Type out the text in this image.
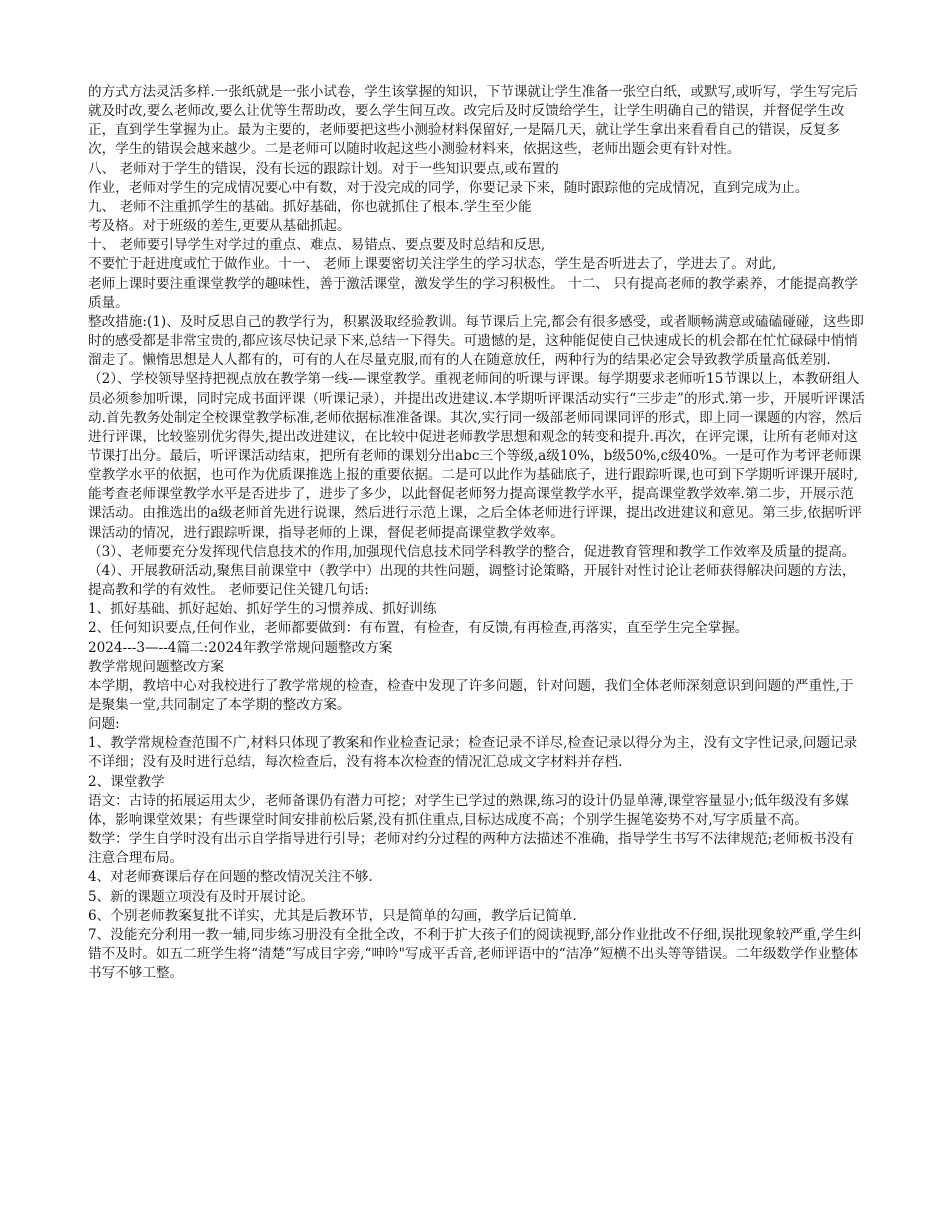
的方式方法灵活多样.一张纸就是一张小试卷，学生该掌握的知识，下节课就让学生准备一张空白纸，或默写,或听写，学生写完后就及时改,要么老师改,要么让优等生帮助改，要么学生间互改。改完后及时反馈给学生，让学生明确自己的错误，并督促学生改正，直到学生掌握为止。最为主要的，老师要把这些小测验材料保留好,一是隔几天，就让学生拿出来看看自己的错误，反复多次，学生的错误会越来越少。二是老师可以随时收起这些小测验材料来，依据这些，老师出题会更有针对性。

八、 老师对于学生的错误，没有长远的跟踪计划。对于一些知识要点,或布置的

作业，老师对学生的完成情况要心中有数，对于没完成的同学，你要记录下来，随时跟踪他的完成情况，直到完成为止。

九、 老师不注重抓学生的基础。抓好基础，你也就抓住了根本.学生至少能

考及格。对于班级的差生,更要从基础抓起。

十、 老师要引导学生对学过的重点、难点、易错点、要点要及时总结和反思,

不要忙于赶进度或忙于做作业。十一、 老师上课要密切关注学生的学习状态，学生是否听进去了，学进去了。对此,

老师上课时要注重课堂教学的趣味性，善于激活课堂，激发学生的学习积极性。 十二、 只有提高老师的教学素养，才能提高教学质量。

整改措施:(1)、及时反思自己的教学行为，积累汲取经验教训。每节课后上完,都会有很多感受，或者顺畅满意或磕磕碰碰，这些即时的感受都是非常宝贵的,都应该尽快记录下来,总结一下得失。可遗憾的是，这种能促使自己快速成长的机会都在忙忙碌碌中悄悄溜走了。懒惰思想是人人都有的，可有的人在尽量克服,而有的人在随意放任，两种行为的结果必定会导致教学质量高低差别.

（2）、学校领导坚持把视点放在教学第一线-—课堂教学。重视老师间的听课与评课。每学期要求老师听15节课以上，本教研组人员必须参加听课，同时完成书面评课（听课记录），并提出改进建议.本学期听评课活动实行“三步走”的形式.第一步，开展听评课活动.首先教务处制定全校课堂教学标准,老师依据标准准备课。其次,实行同一级部老师同课同评的形式，即上同一课题的内容，然后进行评课，比较鉴别优劣得失,提出改进建议，在比较中促进老师教学思想和观念的转变和提升.再次，在评完课，让所有老师对这节课打出分。最后，听评课活动结束，把所有老师的课划分出abc三个等级,a级10%，b级50%,c级40%。一是可作为考评老师课堂教学水平的依据，也可作为优质课推选上报的重要依据。二是可以此作为基础底子，进行跟踪听课,也可到下学期听评课开展时,能考查老师课堂教学水平是否进步了，进步了多少，以此督促老师努力提高课堂教学水平，提高课堂教学效率.第二步，开展示范课活动。由推选出的a级老师首先进行说课，然后进行示范上课，之后全体老师进行评课，提出改进建议和意见。第三步,依据听评课活动的情况，进行跟踪听课，指导老师的上课，督促老师提高课堂教学效率。

（3）、老师要充分发挥现代信息技术的作用,加强现代信息技术同学科教学的整合，促进教育管理和教学工作效率及质量的提高。

（4）、开展教研活动,聚焦目前课堂中（教学中）出现的共性问题，调整讨论策略，开展针对性讨论让老师获得解决问题的方法，提高教和学的有效性。 老师要记住关键几句话:

1、抓好基础、抓好起始、抓好学生的习惯养成、抓好训练

2、任何知识要点,任何作业，老师都要做到：有布置，有检查，有反馈,有再检查,再落实，直至学生完全掌握。

2024---3—--4篇二:2024年教学常规问题整改方案

教学常规问题整改方案

本学期，教培中心对我校进行了教学常规的检查，检查中发现了许多问题，针对问题，我们全体老师深刻意识到问题的严重性,于是聚集一堂,共同制定了本学期的整改方案。

问题:

1、教学常规检查范围不广,材料只体现了教案和作业检查记录；检查记录不详尽,检查记录以得分为主，没有文字性记录,问题记录不详细；没有及时进行总结，每次检查后，没有将本次检查的情况汇总成文字材料并存档.

2、课堂教学

语文：古诗的拓展运用太少，老师备课仍有潜力可挖；对学生已学过的熟课,练习的设计仍显单薄,课堂容量显小;低年级没有多媒体，影响课堂效果；有些课堂时间安排前松后紧,没有抓住重点,目标达成度不高；个别学生握笔姿势不对,写字质量不高。

数学：学生自学时没有出示自学指导进行引导；老师对约分过程的两种方法描述不准确，指导学生书写不法律规范;老师板书没有注意合理布局。

4、对老师赛课后存在问题的整改情况关注不够.

5、新的课题立项没有及时开展讨论。

6、个别老师教案复批不详实，尤其是后教环节，只是简单的勾画，教学后记简单.

7、没能充分利用一教一辅,同步练习册没有全批全改，不利于扩大孩子们的阅读视野,部分作业批改不仔细,误批现象较严重,学生纠错不及时。如五二班学生将“清楚”写成目字旁,“呻吟"写成平舌音,老师评语中的“洁净”短横不出头等等错误。二年级数学作业整体书写不够工整。
